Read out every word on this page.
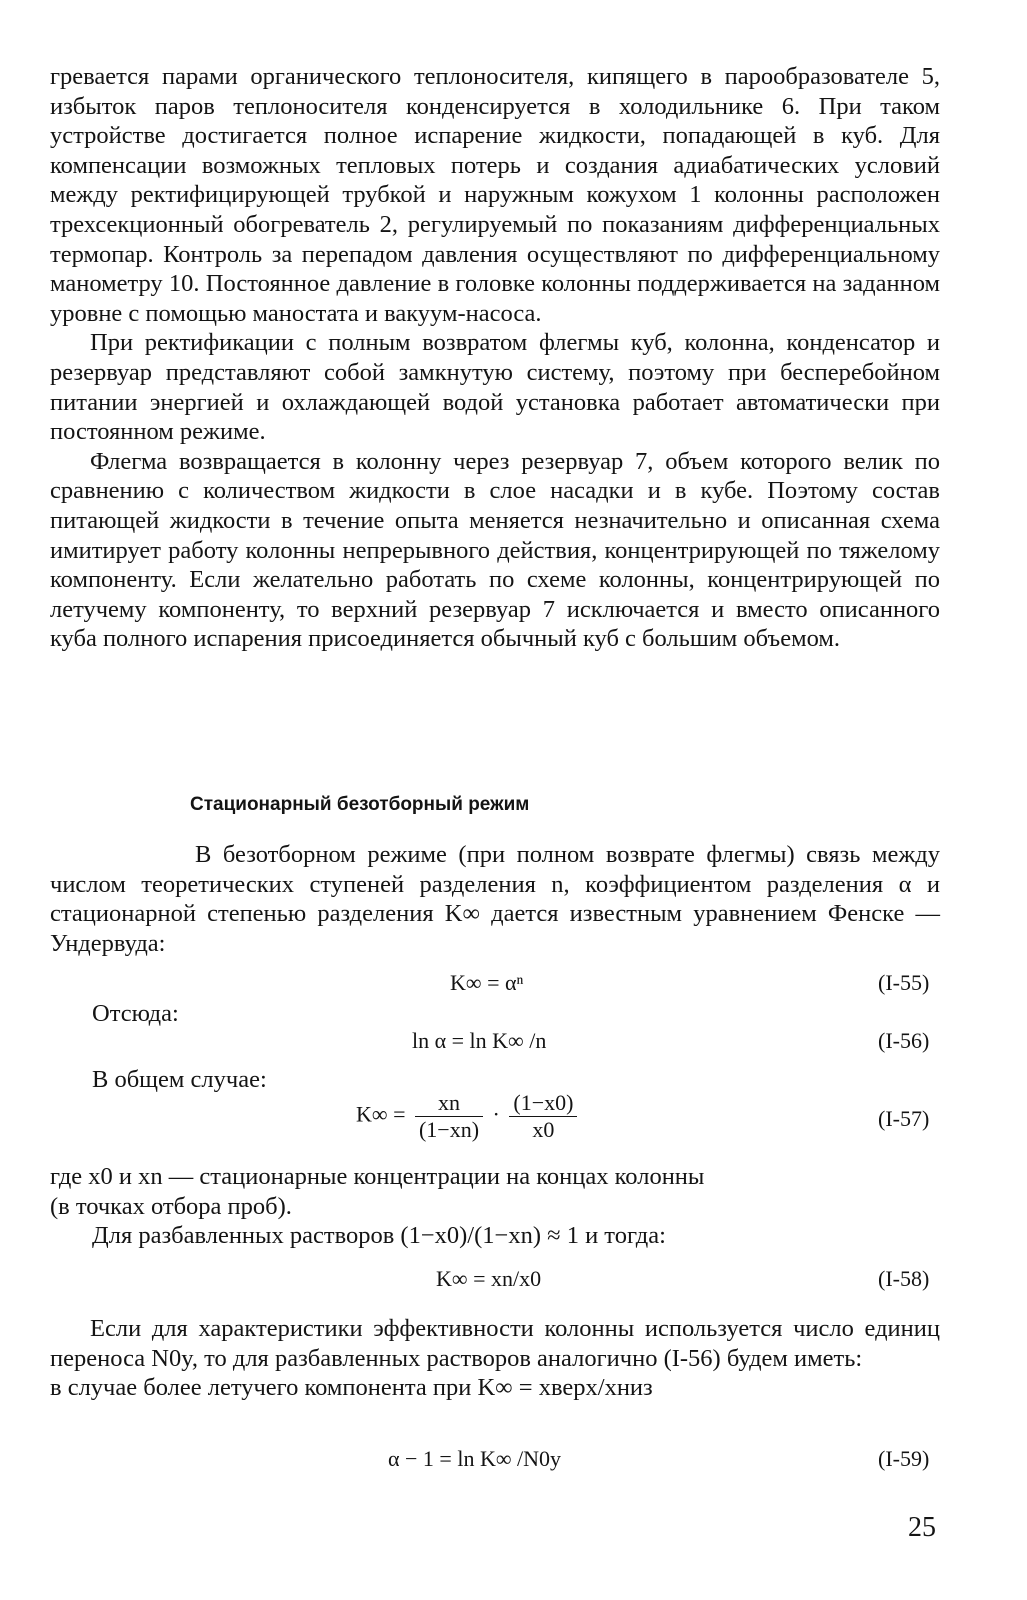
гревается парами органического теплоносителя, кипящего в парообразователе 5, избыток паров теплоносителя конденсируется в холодильнике 6. При таком устройстве достигается полное испарение жидкости, попадающей в куб. Для компенсации возможных тепловых потерь и создания адиабатических условий между ректифицирующей трубкой и наружным кожухом 1 колонны расположен трехсекционный обогреватель 2, регулируемый по показаниям дифференциальных термопар. Контроль за перепадом давления осуществляют по дифференциальному манометру 10. Постоянное давление в головке колонны поддерживается на заданном уровне с помощью маностата и вакуум-насоса.

При ректификации с полным возвратом флегмы куб, колонна, конденсатор и резервуар представляют собой замкнутую систему, поэтому при бесперебойном питании энергией и охлаждающей водой установка работает автоматически при постоянном режиме.

Флегма возвращается в колонну через резервуар 7, объем которого велик по сравнению с количеством жидкости в слое насадки и в кубе. Поэтому состав питающей жидкости в течение опыта меняется незначительно и описанная схема имитирует работу колонны непрерывного действия, концентрирующей по тяжелому компоненту. Если желательно работать по схеме колонны, концентрирующей по летучему компоненту, то верхний резервуар 7 исключается и вместо описанного куба полного испарения присоединяется обычный куб с большим объемом.

Стационарный безотборный режим

В безотборном режиме (при полном возврате флегмы) связь между числом теоретических ступеней разделения n, коэффициентом разделения α и стационарной степенью разделения K∞ дается известным уравнением Фенске — Ундервуда:

K∞ = αⁿ	(I-55)
Отсюда:
ln α = ln K∞ /n	(I-56)
В общем случае:
$K\infty = \frac{xn}{(1-xn)} \cdot \frac{(1-x0)}{x0}$	(I-57)

где x0 и xn — стационарные концентрации на концах колонны

(в точках отбора проб).

Для разбавленных растворов (1−x0)/(1−xn) ≈ 1 и тогда:
K∞ = xn/x0	(I-58)

Если для характеристики эффективности колонны используется число единиц переноса N0y, то для разбавленных растворов аналогично (I-56) будем иметь:

в случае более летучего компонента при K∞ = xверх/xниз

α − 1 = ln K∞ /N0y	(I-59)
25
